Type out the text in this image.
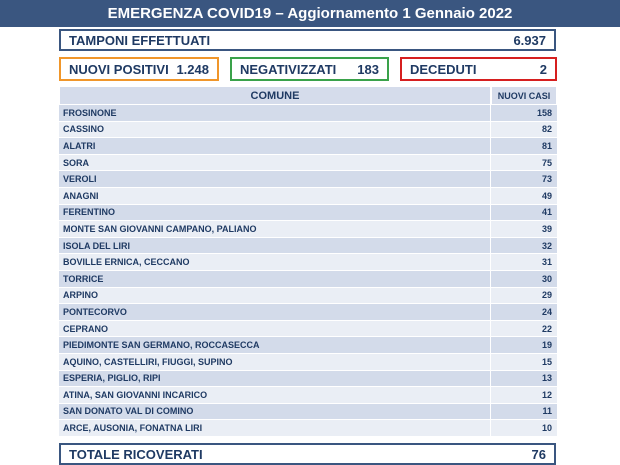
EMERGENZA COVID19 – Aggiornamento 1 Gennaio 2022
TAMPONI EFFETTUATI	6.937
NUOVI POSITIVI 1.248 NEGATIVIZZATI 183 DECEDUTI	2
COMUNE	NUOVI CASI
FROSINONE	158
CASSINO	82
ALATRI	81
SORA	75
VEROLI	73
ANAGNI	49
FERENTINO	41
MONTE SAN GIOVANNI CAMPANO, PALIANO	39
ISOLA DEL LIRI	32
BOVILLE ERNICA, CECCANO	31
TORRICE	30
ARPINO	29
PONTECORVO	24
CEPRANO	22
PIEDIMONTE SAN GERMANO, ROCCASECCA	19
AQUINO, CASTELLIRI, FIUGGI, SUPINO	15
ESPERIA, PIGLIO, RIPI	13
ATINA, SAN GIOVANNI INCARICO	12
SAN DONATO VAL DI COMINO	11
ARCE, AUSONIA, FONATNA LIRI	10
TOTALE RICOVERATI	76
